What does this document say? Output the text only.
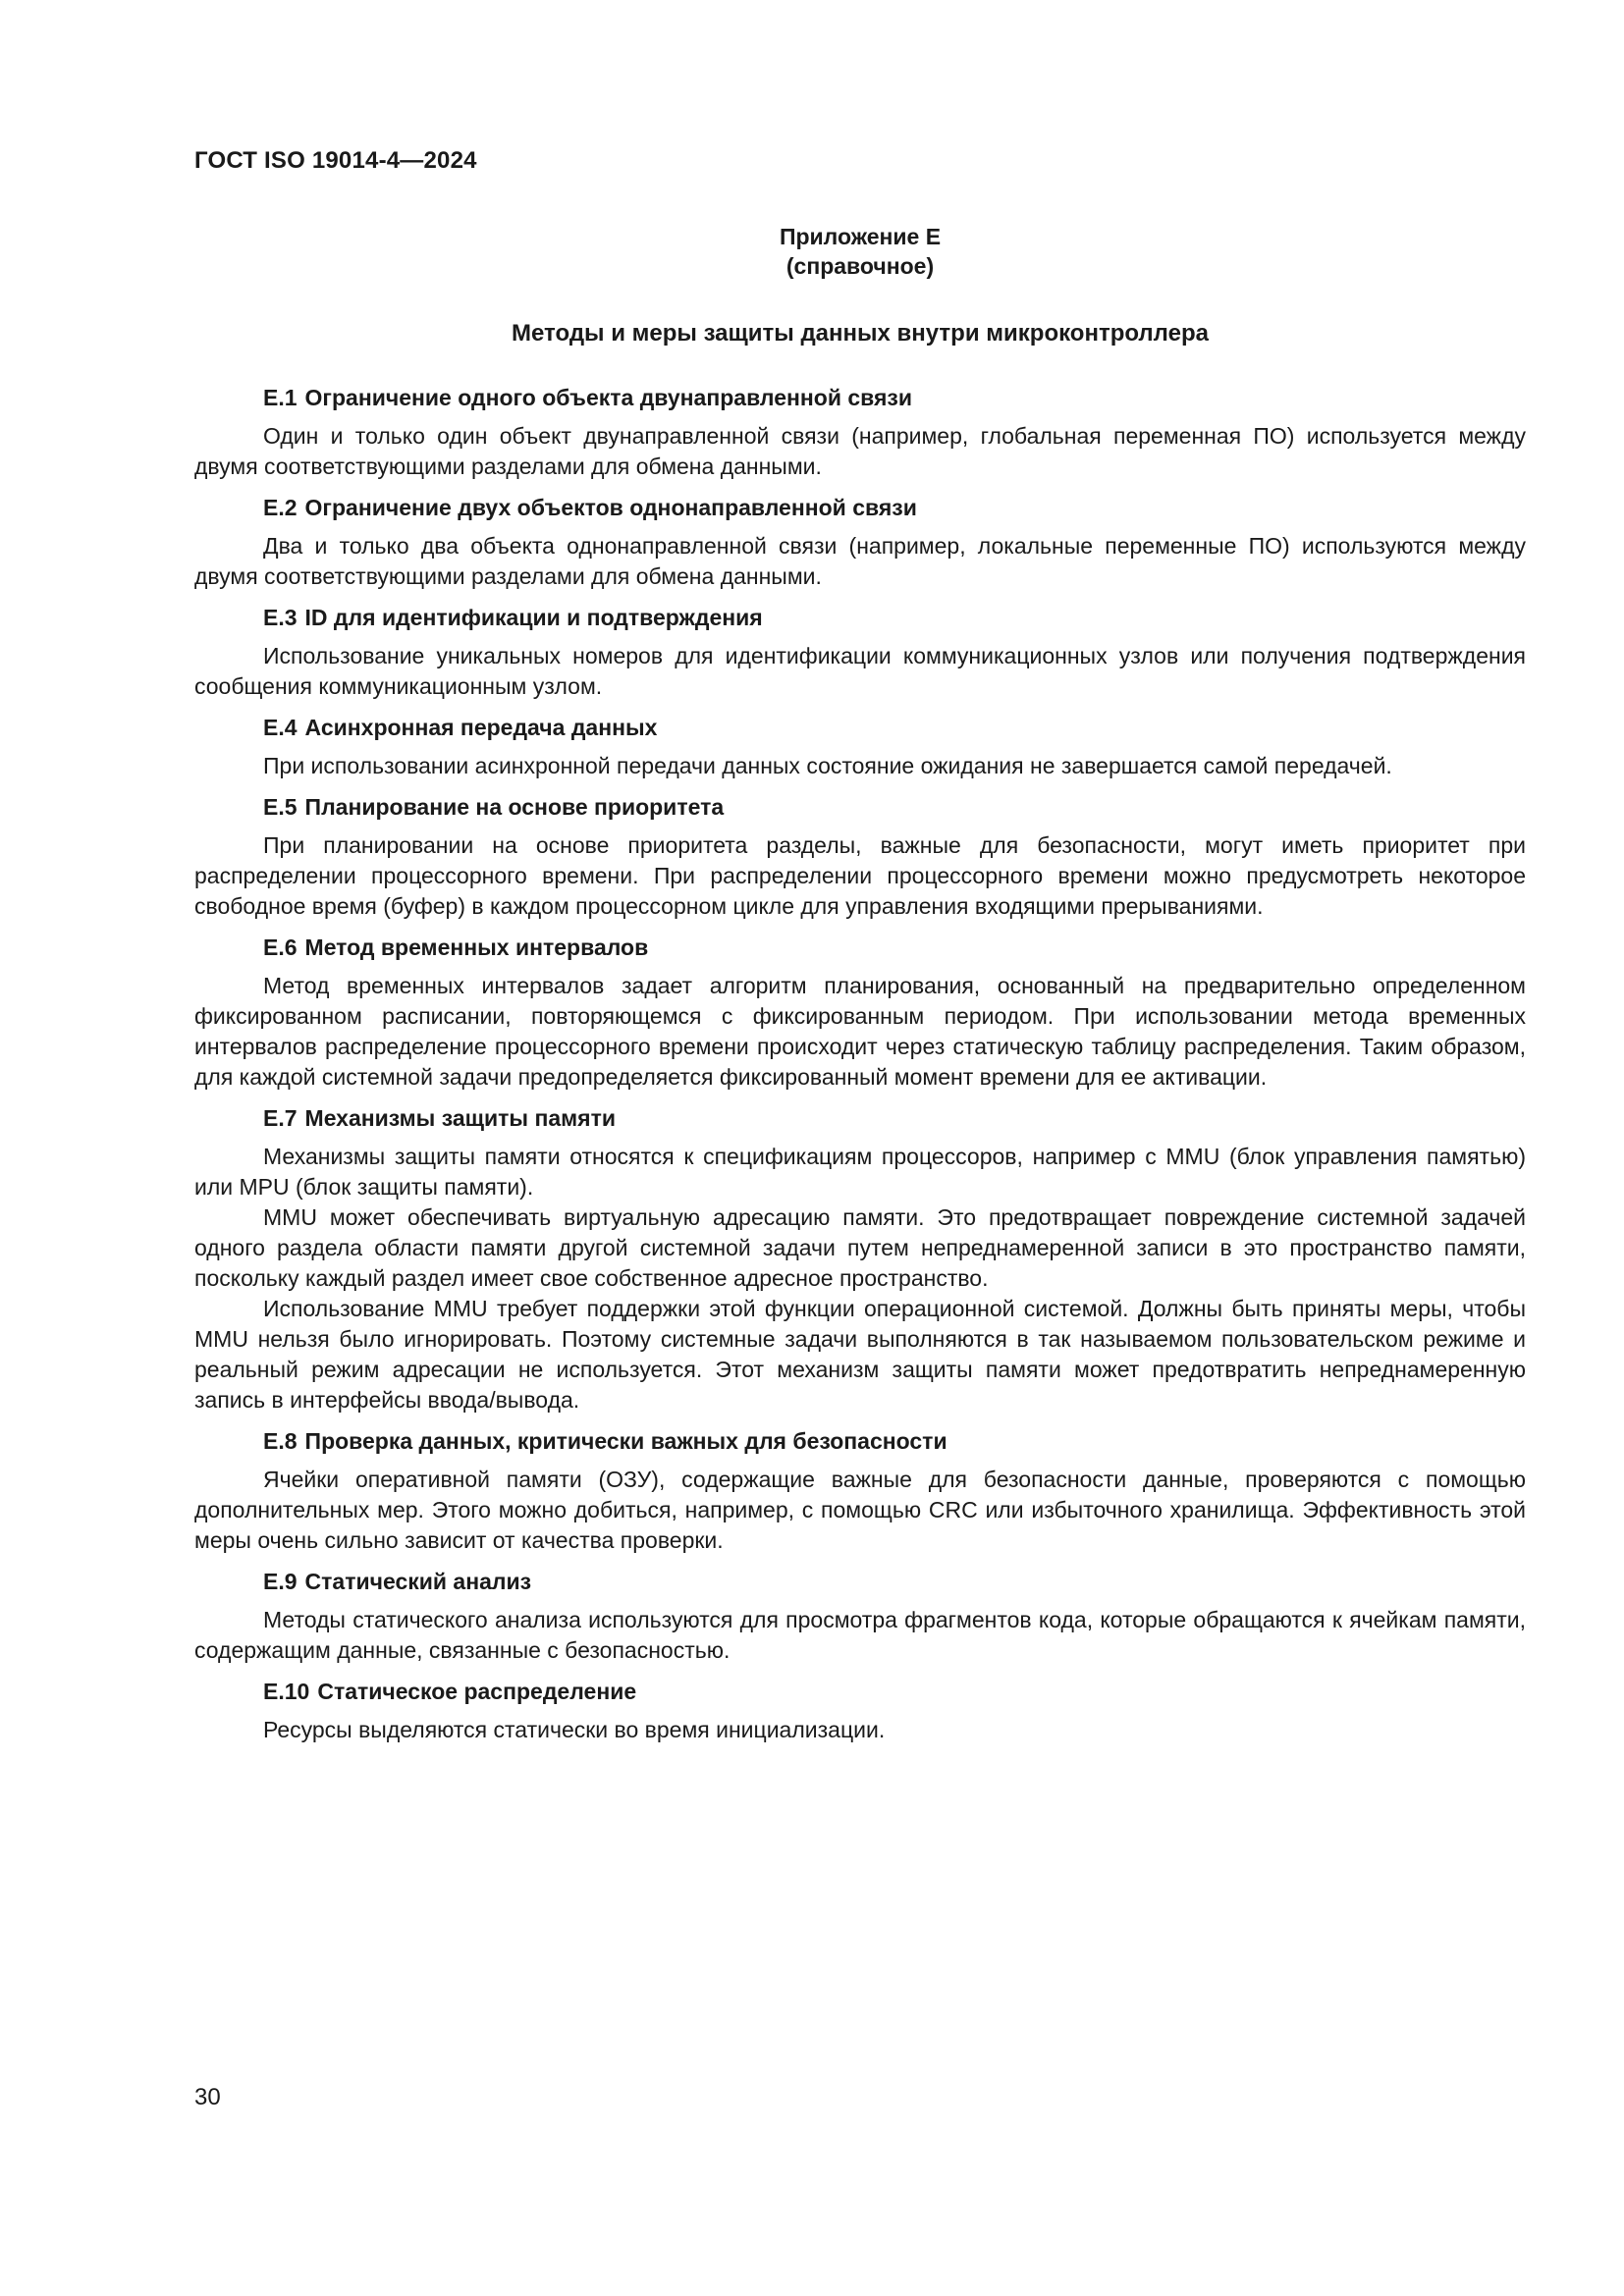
ГОСТ ISO 19014-4—2024
Приложение Е
(справочное)
Методы и меры защиты данных внутри микроконтроллера

Е.1 Ограничение одного объекта двунаправленной связи

Один и только один объект двунаправленной связи (например, глобальная переменная ПО) используется между двумя соответствующими разделами для обмена данными.

Е.2 Ограничение двух объектов однонаправленной связи

Два и только два объекта однонаправленной связи (например, локальные переменные ПО) используются между двумя соответствующими разделами для обмена данными.

Е.3 ID для идентификации и подтверждения

Использование уникальных номеров для идентификации коммуникационных узлов или получения подтверждения сообщения коммуникационным узлом.

Е.4 Асинхронная передача данных

При использовании асинхронной передачи данных состояние ожидания не завершается самой передачей.

Е.5 Планирование на основе приоритета

При планировании на основе приоритета разделы, важные для безопасности, могут иметь приоритет при распределении процессорного времени. При распределении процессорного времени можно предусмотреть некоторое свободное время (буфер) в каждом процессорном цикле для управления входящими прерываниями.

Е.6 Метод временных интервалов

Метод временных интервалов задает алгоритм планирования, основанный на предварительно определенном фиксированном расписании, повторяющемся с фиксированным периодом. При использовании метода временных интервалов распределение процессорного времени происходит через статическую таблицу распределения. Таким образом, для каждой системной задачи предопределяется фиксированный момент времени для ее активации.

Е.7 Механизмы защиты памяти

Механизмы защиты памяти относятся к спецификациям процессоров, например с MMU (блок управления памятью) или MPU (блок защиты памяти).

MMU может обеспечивать виртуальную адресацию памяти. Это предотвращает повреждение системной задачей одного раздела области памяти другой системной задачи путем непреднамеренной записи в это пространство памяти, поскольку каждый раздел имеет свое собственное адресное пространство.

Использование MMU требует поддержки этой функции операционной системой. Должны быть приняты меры, чтобы MMU нельзя было игнорировать. Поэтому системные задачи выполняются в так называемом пользовательском режиме и реальный режим адресации не используется. Этот механизм защиты памяти может предотвратить непреднамеренную запись в интерфейсы ввода/вывода.

Е.8 Проверка данных, критически важных для безопасности

Ячейки оперативной памяти (ОЗУ), содержащие важные для безопасности данные, проверяются с помощью дополнительных мер. Этого можно добиться, например, с помощью CRC или избыточного хранилища. Эффективность этой меры очень сильно зависит от качества проверки.

Е.9 Статический анализ

Методы статического анализа используются для просмотра фрагментов кода, которые обращаются к ячейкам памяти, содержащим данные, связанные с безопасностью.

Е.10 Статическое распределение

Ресурсы выделяются статически во время инициализации.

30
